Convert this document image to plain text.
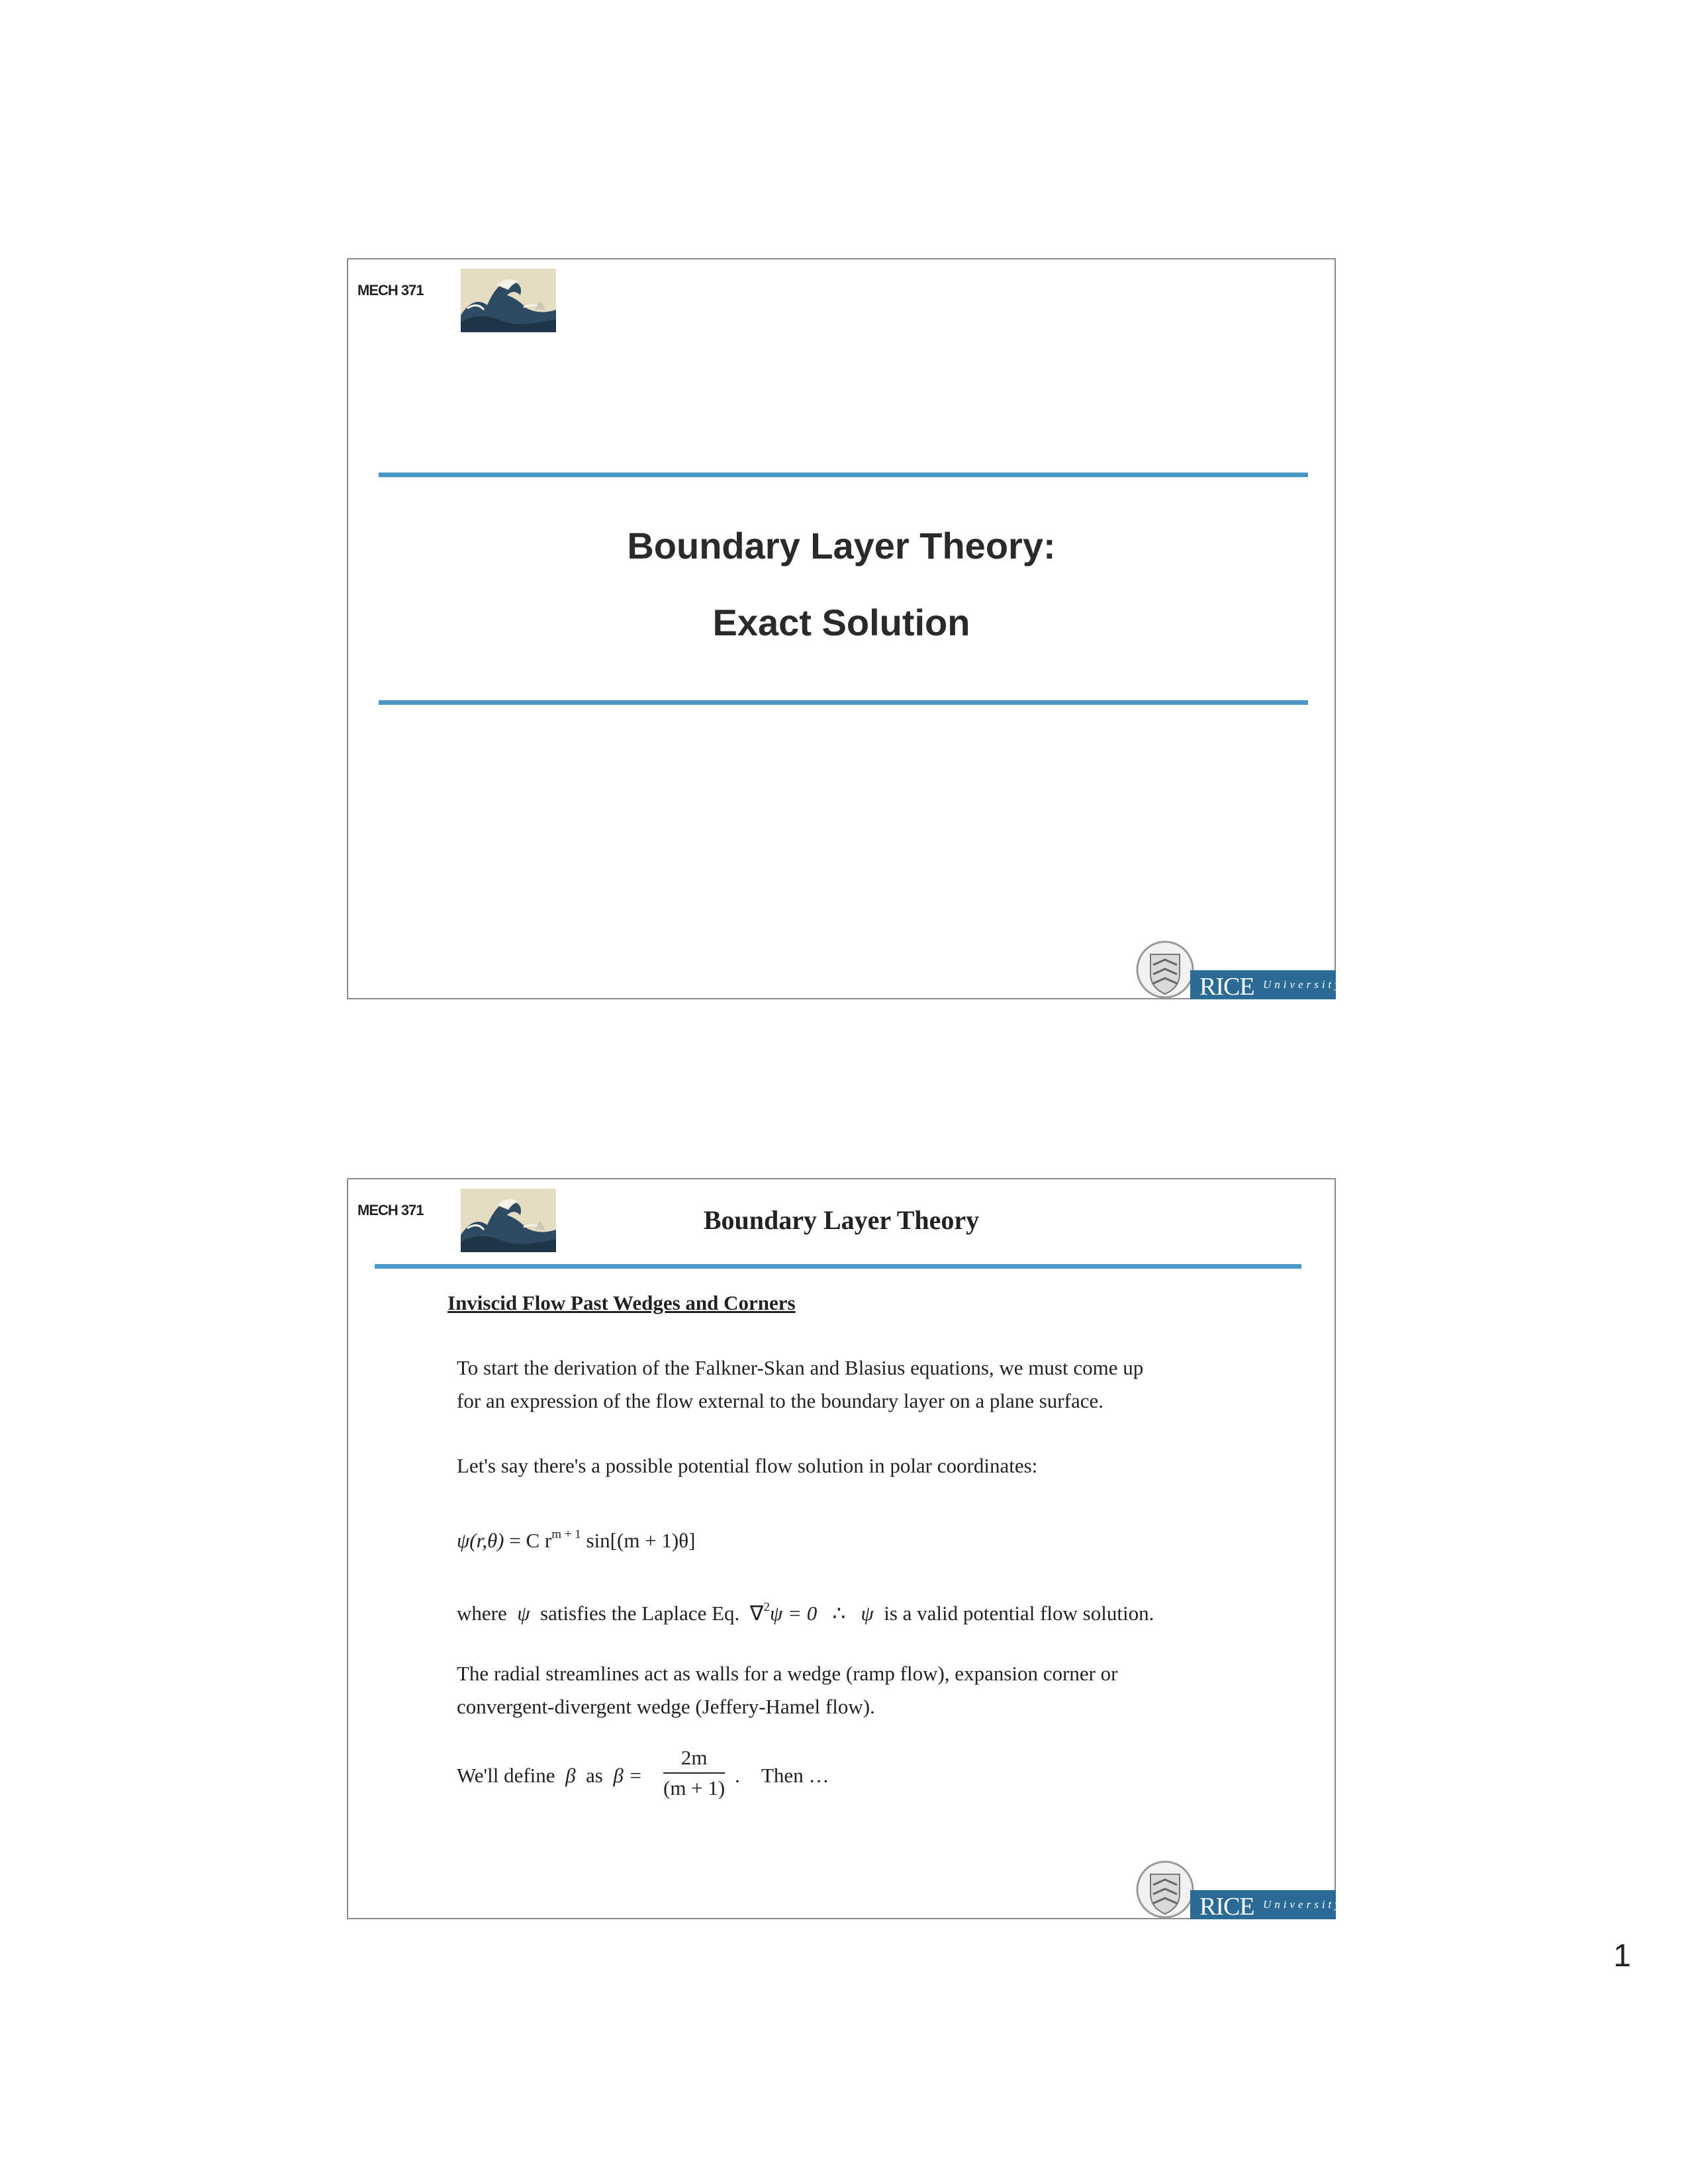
MECH 371
Boundary Layer Theory:
Exact Solution
RICE University
MECH 371	Boundary Layer Theory
Inviscid Flow Past Wedges and Corners
To start the derivation of the Falkner-Skan and Blasius equations, we must come up
for an expression of the flow external to the boundary layer on a plane surface.
Let's say there's a possible potential flow solution in polar coordinates:
ψ(r,θ) = C $r^{m + 1}$ sin[(m + 1)θ]
where ψ satisfies the Laplace Eq. ∇$^2$ψ = 0 ∴ ψ is a valid potential flow solution.
The radial streamlines act as walls for a wedge (ramp flow), expansion corner or
convergent-divergent wedge (Jeffery-Hamel flow).
We'll define β as $\beta = \frac{2m}{(m + 1)}$ . Then …
RICE University
1
